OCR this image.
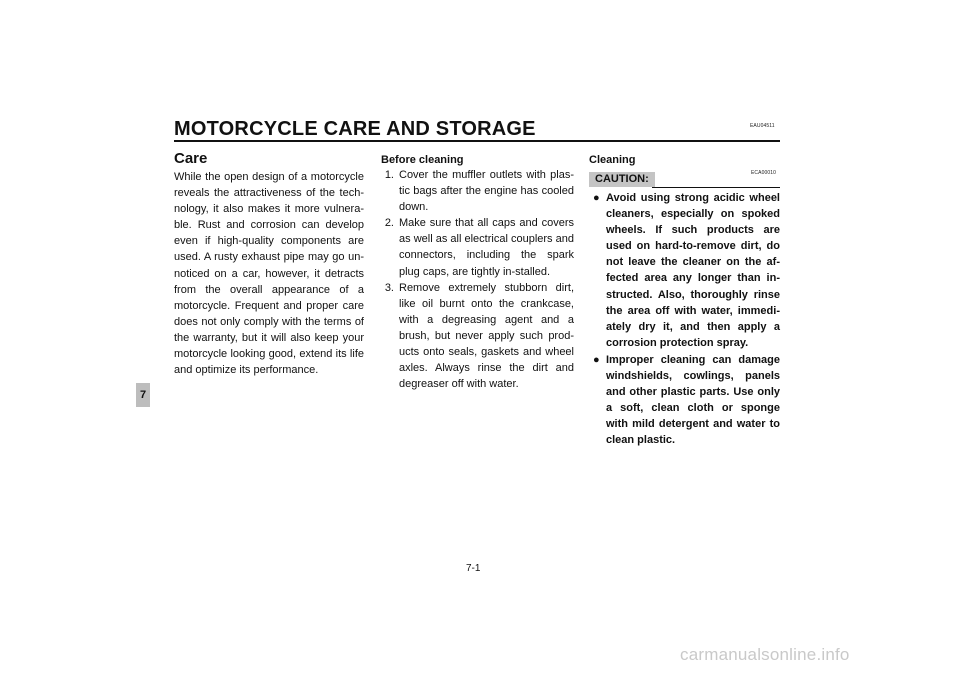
EAU04511
MOTORCYCLE CARE AND STORAGE
7
Care
While the open design of a motorcycle reveals the attractiveness of the tech-nology, it also makes it more vulnera-ble. Rust and corrosion can develop even if high-quality components are used. A rusty exhaust pipe may go un-noticed on a car, however, it detracts from the overall appearance of a motorcycle. Frequent and proper care does not only comply with the terms of the warranty, but it will also keep your motorcycle looking good, extend its life and optimize its performance.
Before cleaning
1. Cover the muffler outlets with plas-tic bags after the engine has cooled down.
2. Make sure that all caps and covers as well as all electrical couplers and connectors, including the spark plug caps, are tightly in-stalled.
3. Remove extremely stubborn dirt, like oil burnt onto the crankcase, with a degreasing agent and a brush, but never apply such prod-ucts onto seals, gaskets and wheel axles. Always rinse the dirt and degreaser off with water.
Cleaning
CAUTION:
● Avoid using strong acidic wheel cleaners, especially on spoked wheels. If such products are used on hard-to-remove dirt, do not leave the cleaner on the af-fected area any longer than in-structed. Also, thoroughly rinse the area off with water, immedi-ately dry it, and then apply a corrosion protection spray.
● Improper cleaning can damage windshields, cowlings, panels and other plastic parts. Use only a soft, clean cloth or sponge with mild detergent and water to clean plastic.
ECA00010
7-1
carmanualsonline.info
